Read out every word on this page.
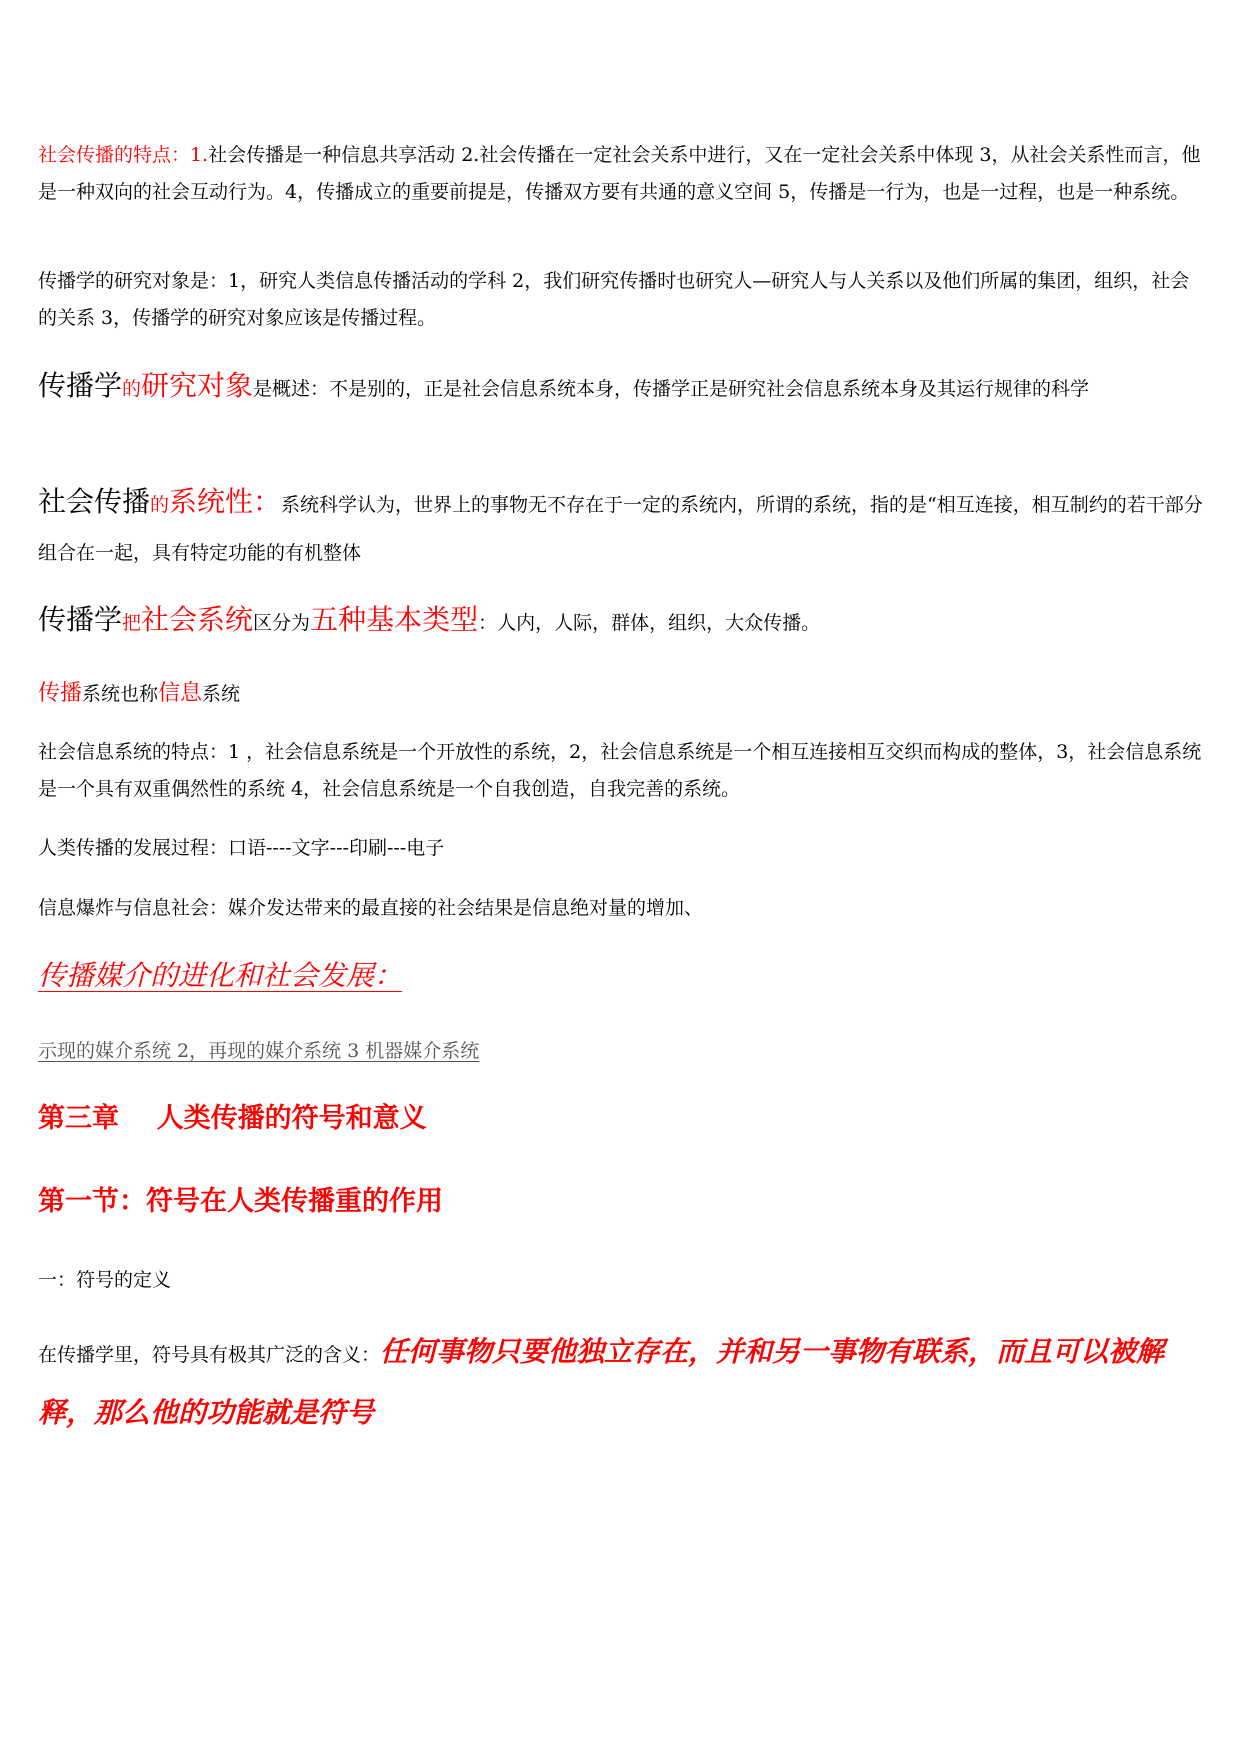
社会传播的特点：1.社会传播是一种信息共享活动 2.社会传播在一定社会关系中进行，又在一定社会关系中体现 3，从社会关系性而言，他是一种双向的社会互动行为。4，传播成立的重要前提是，传播双方要有共通的意义空间 5，传播是一行为，也是一过程，也是一种系统。

传播学的研究对象是：1，研究人类信息传播活动的学科 2，我们研究传播时也研究人—研究人与人关系以及他们所属的集团，组织，社会的关系 3，传播学的研究对象应该是传播过程。

传播学的研究对象是概述：不是别的，正是社会信息系统本身，传播学正是研究社会信息系统本身及其运行规律的科学

社会传播的系统性：系统科学认为，世界上的事物无不存在于一定的系统内，所谓的系统，指的是“相互连接，相互制约的若干部分组合在一起，具有特定功能的有机整体

传播学把社会系统区分为五种基本类型：人内，人际，群体，组织，大众传播。

传播系统也称信息系统

社会信息系统的特点：1 ，社会信息系统是一个开放性的系统，2，社会信息系统是一个相互连接相互交织而构成的整体，3，社会信息系统是一个具有双重偶然性的系统 4，社会信息系统是一个自我创造，自我完善的系统。

人类传播的发展过程：口语----文字---印刷---电子

信息爆炸与信息社会：媒介发达带来的最直接的社会结果是信息绝对量的增加、

传播媒介的进化和社会发展：

示现的媒介系统 2，再现的媒介系统 3 机器媒介系统

第三章    人类传播的符号和意义

第一节：符号在人类传播重的作用

一：符号的定义

在传播学里，符号具有极其广泛的含义：任何事物只要他独立存在，并和另一事物有联系，而且可以被解释，那么他的功能就是符号
